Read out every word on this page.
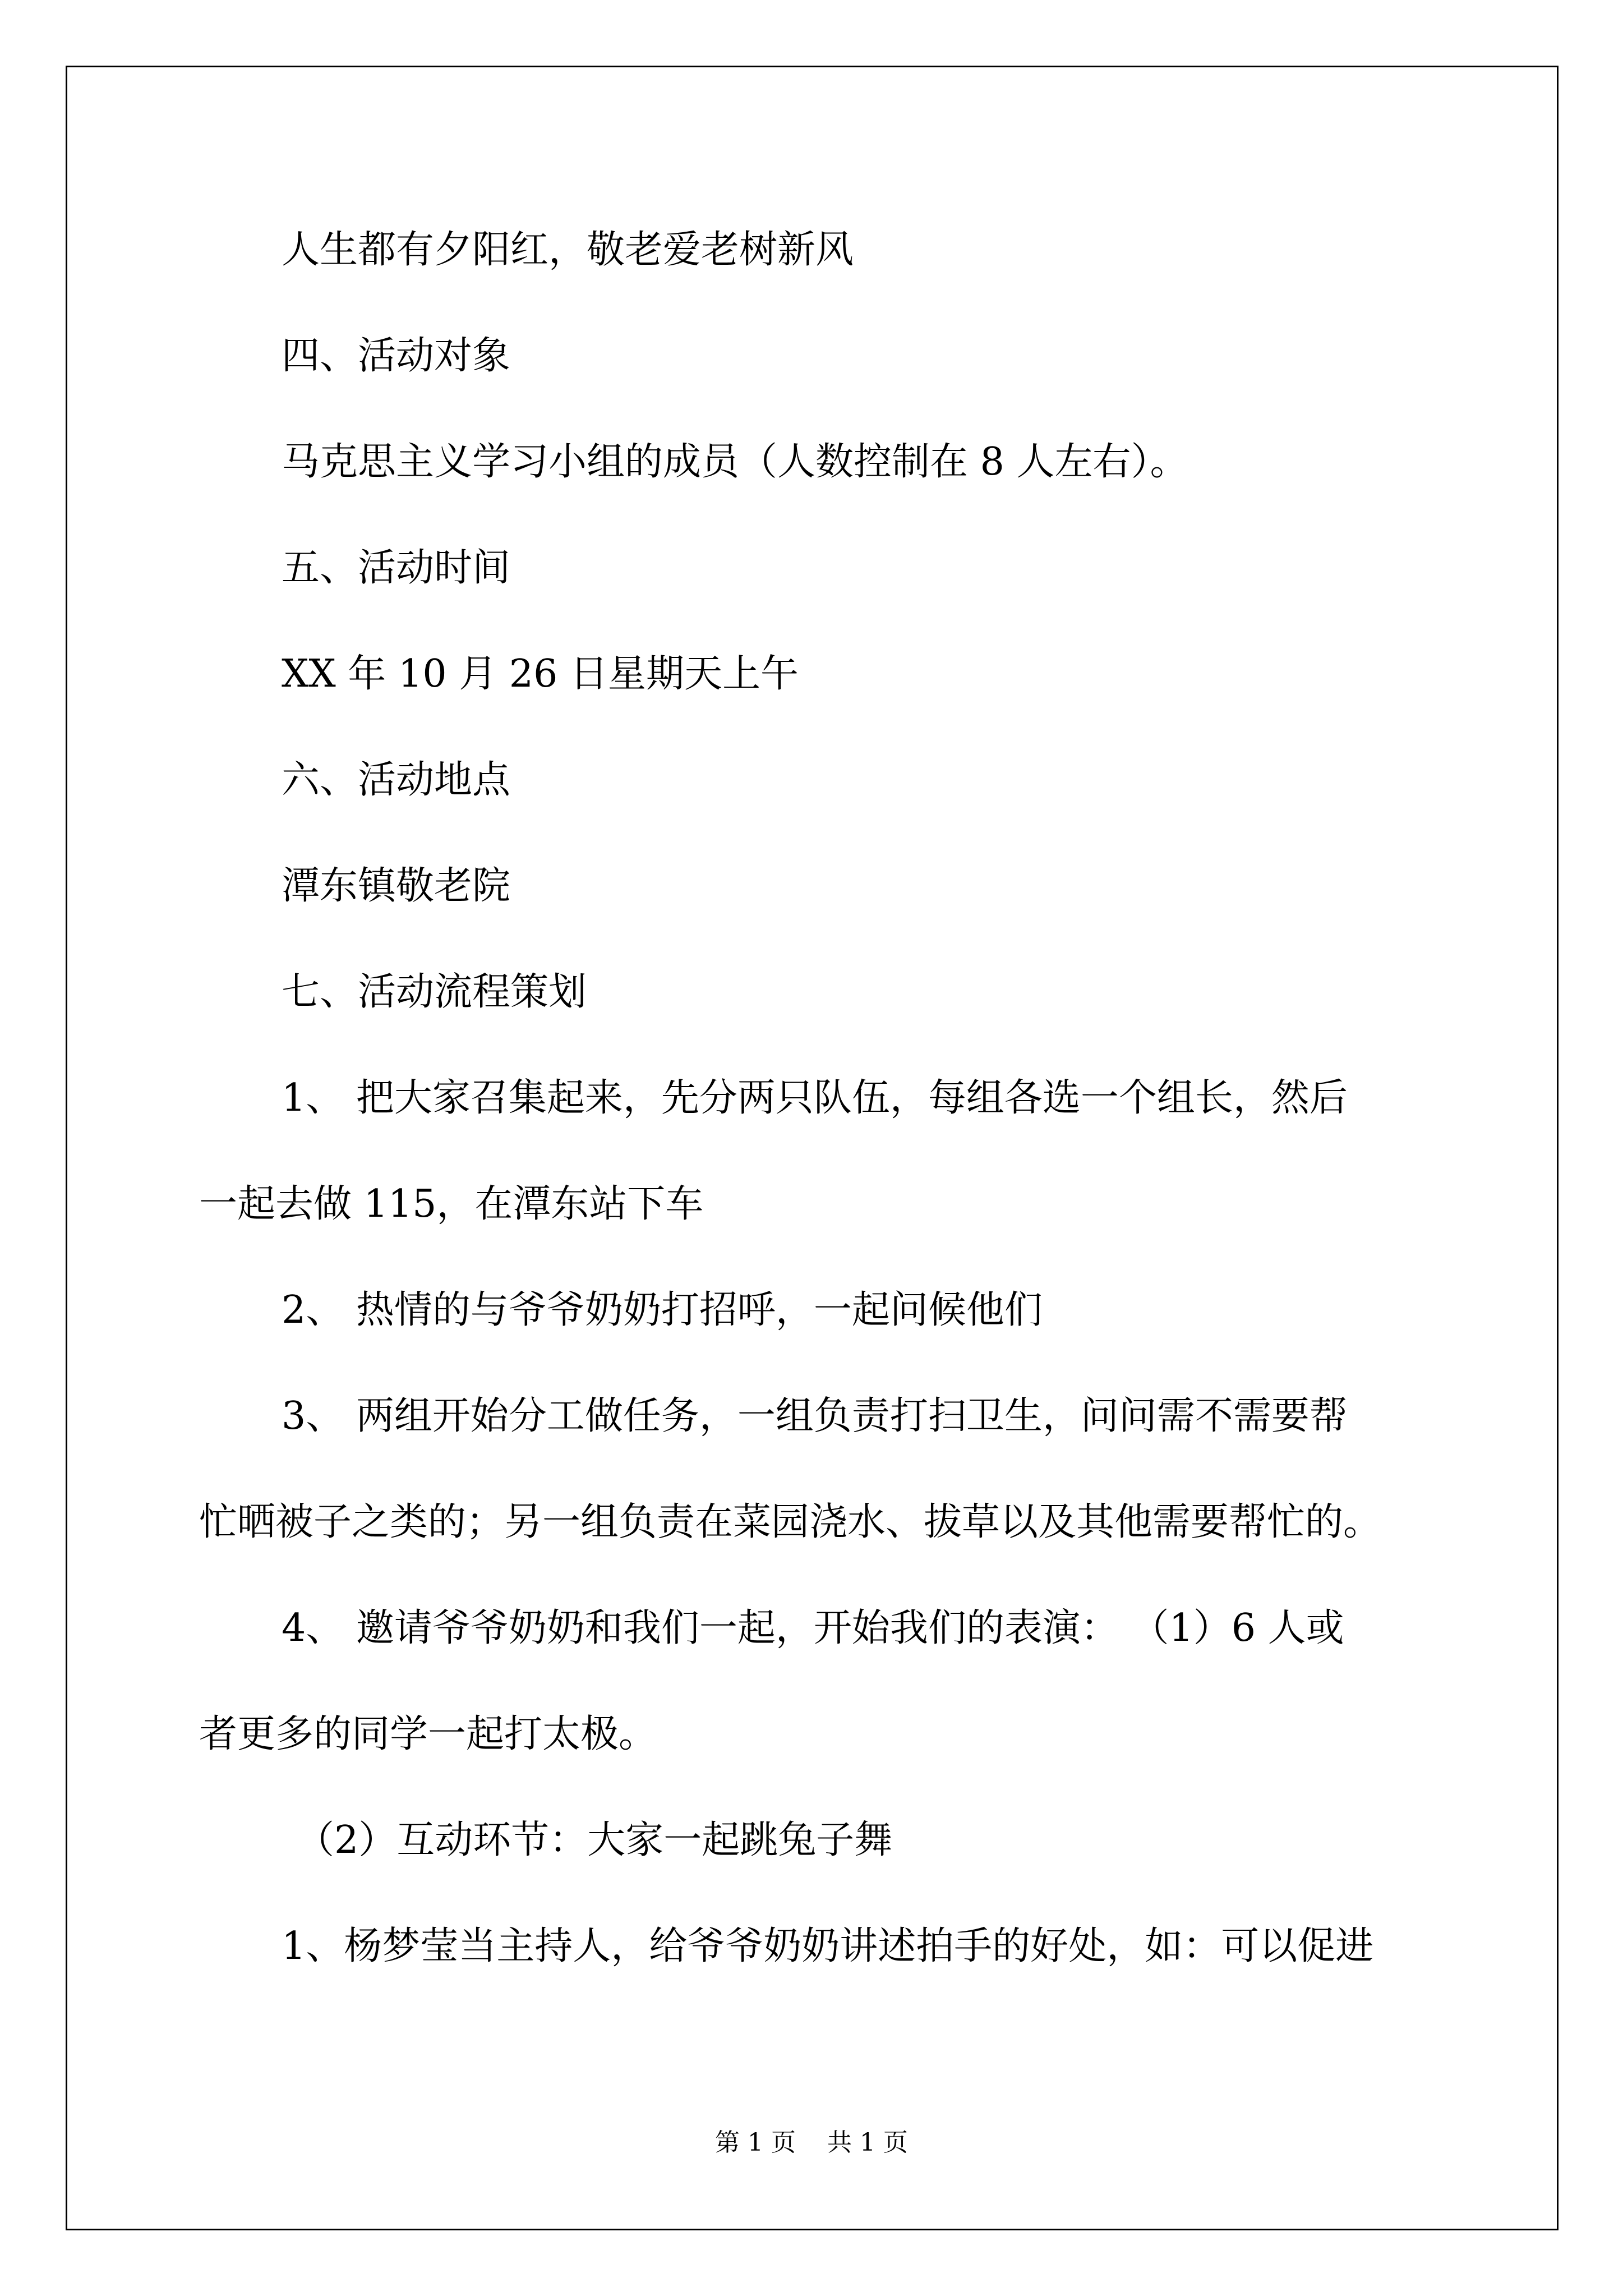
人生都有夕阳红，敬老爱老树新风
四、活动对象
马克思主义学习小组的成员（人数控制在 8 人左右）。
五、活动时间
XX 年 10 月 26 日星期天上午
六、活动地点
潭东镇敬老院
七、活动流程策划
1、 把大家召集起来，先分两只队伍，每组各选一个组长，然后
一起去做 115，在潭东站下车
2、 热情的与爷爷奶奶打招呼，一起问候他们
3、 两组开始分工做任务，一组负责打扫卫生，问问需不需要帮
忙晒被子之类的；另一组负责在菜园浇水、拔草以及其他需要帮忙的。
4、 邀请爷爷奶奶和我们一起，开始我们的表演： （1）6 人或
者更多的同学一起打太极。
（2）互动环节：大家一起跳兔子舞
1、杨梦莹当主持人，给爷爷奶奶讲述拍手的好处，如：可以促进
第 1 页    共 1 页
